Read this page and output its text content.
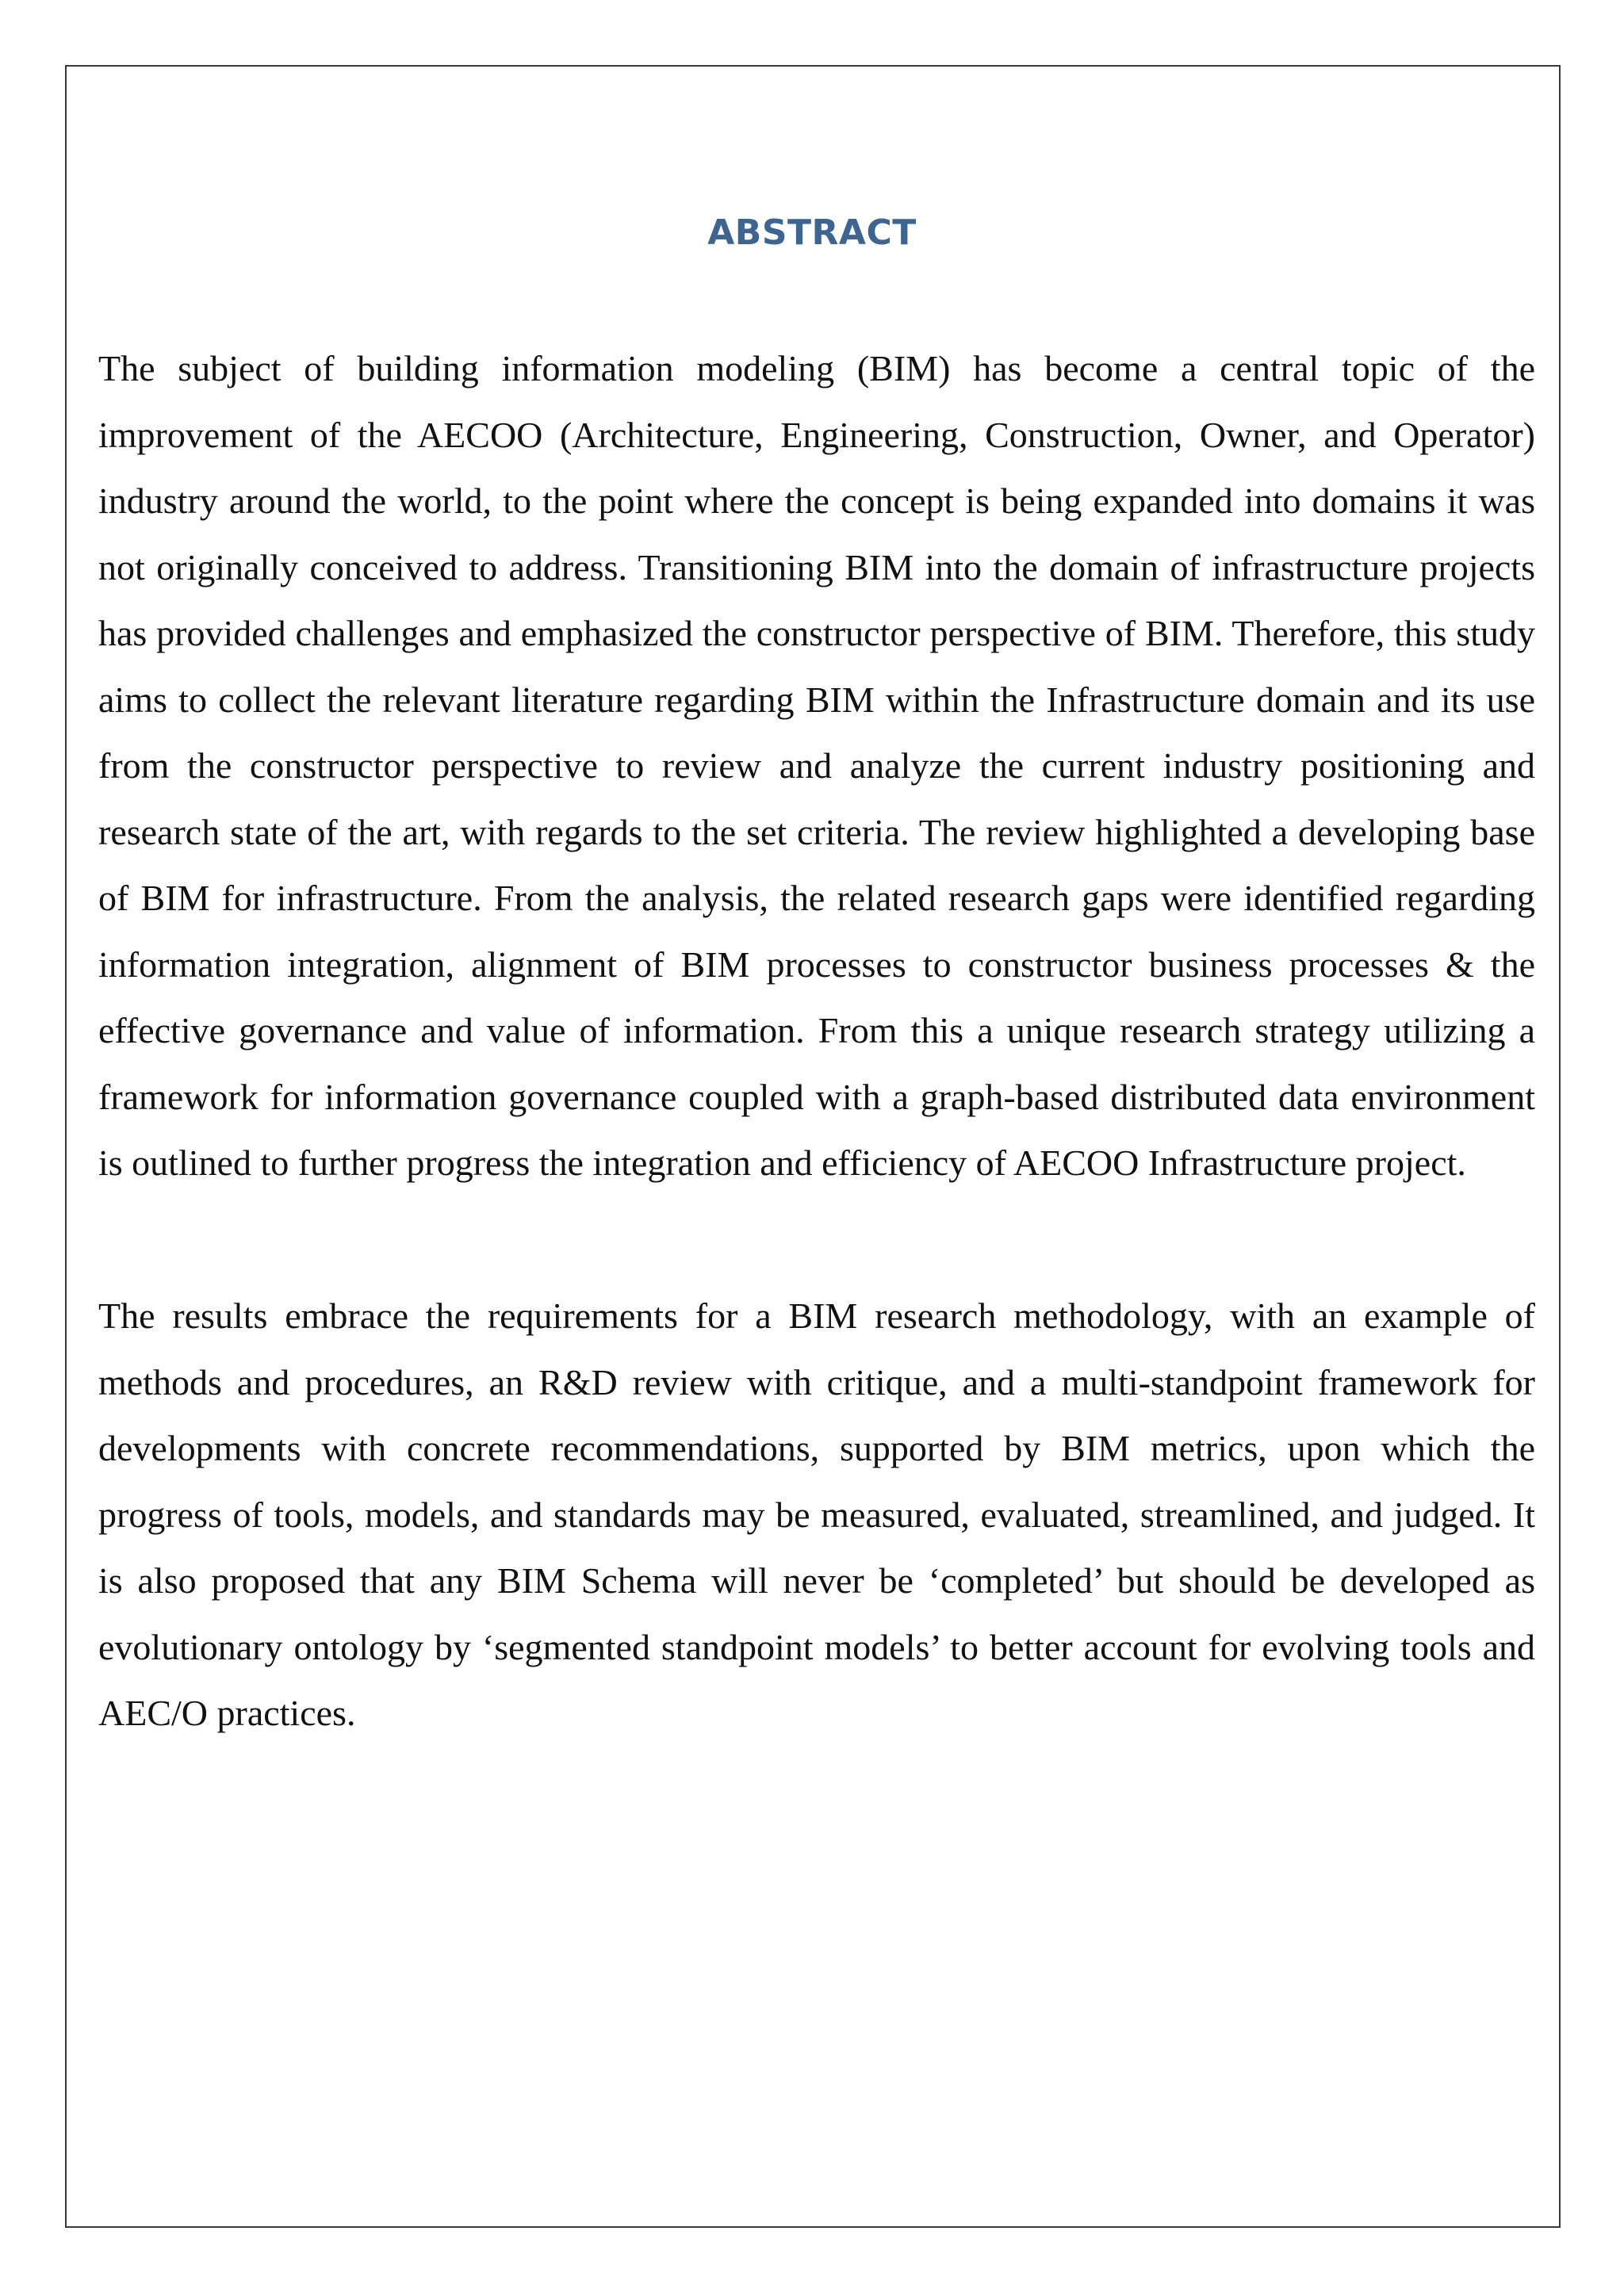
ABSTRACT

The subject of building information modeling (BIM) has become a central topic of the improvement of the AECOO (Architecture, Engineering, Construction, Owner, and Operator) industry around the world, to the point where the concept is being expanded into domains it was not originally conceived to address. Transitioning BIM into the domain of infrastructure projects has provided challenges and emphasized the constructor perspective of BIM. Therefore, this study aims to collect the relevant literature regarding BIM within the Infrastructure domain and its use from the constructor perspective to review and analyze the current industry positioning and research state of the art, with regards to the set criteria. The review highlighted a developing base of BIM for infrastructure. From the analysis, the related research gaps were identified regarding information integration, alignment of BIM processes to constructor business processes & the effective governance and value of information. From this a unique research strategy utilizing a framework for information governance coupled with a graph-based distributed data environment is outlined to further progress the integration and efficiency of AECOO Infrastructure project.

The results embrace the requirements for a BIM research methodology, with an example of methods and procedures, an R&D review with critique, and a multi-standpoint framework for developments with concrete recommendations, supported by BIM metrics, upon which the progress of tools, models, and standards may be measured, evaluated, streamlined, and judged. It is also proposed that any BIM Schema will never be ‘completed’ but should be developed as evolutionary ontology by ‘segmented standpoint models’ to better account for evolving tools and AEC/O practices.
